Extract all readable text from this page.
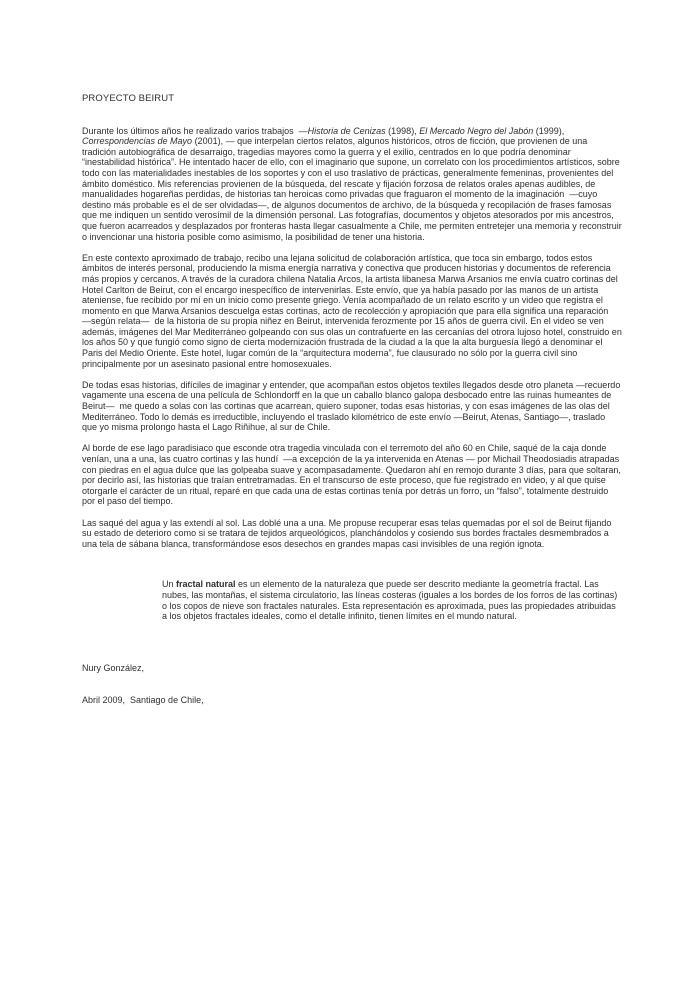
PROYECTO BEIRUT

Durante los últimos años he realizado varios trabajos  —Historia de Cenizas (1998), El Mercado Negro del Jabón (1999), Correspondencias de Mayo (2001), — que interpelan ciertos relatos, algunos históricos, otros de ficción, que provienen de una tradición autobiográfica de desarraigo, tragedias mayores como la guerra y el exilio, centrados en lo que podría denominar “inestabilidad histórica”. He intentado hacer de ello, con el imaginario que supone, un correlato con los procedimientos artísticos, sobre todo con las materialidades inestables de los soportes y con el uso traslativo de prácticas, generalmente femeninas, provenientes del ámbito doméstico. Mis referencias provienen de la búsqueda, del rescate y fijación forzosa de relatos orales apenas audibles, de manualidades hogareñas perdidas, de historias tan heroicas como privadas que fraguaron el momento de la imaginación  —cuyo destino más probable es el de ser olvidadas—, de algunos documentos de archivo, de la búsqueda y recopilación de frases famosas que me indiquen un sentido verosímil de la dimensión personal. Las fotografías, documentos y objetos atesorados por mis ancestros, que fueron acarreados y desplazados por fronteras hasta llegar casualmente a Chile, me permiten entretejer una memoria y reconstruir o invencionar una historia posible como asimismo, la posibilidad de tener una historia.

En este contexto aproximado de trabajo, recibo una lejana solicitud de colaboración artística, que toca sin embargo, todos estos ámbitos de interés personal, produciendo la misma energía narrativa y conectiva que producen historias y documentos de referencia más propios y cercanos. A través de la curadora chilena Natalia Arcos, la artista libanesa Marwa Arsanios me envía cuatro cortinas del Hotel Carlton de Beirut, con el encargo inespecífico de intervenirlas. Este envío, que ya había pasado por las manos de un artista ateniense, fue recibido por mí en un inicio como presente griego. Venía acompañado de un relato escrito y un video que registra el momento en que Marwa Arsanios descuelga estas cortinas, acto de recolección y apropiación que para ella significa una reparación  —según relata—  de la historia de su propia niñez en Beirut, intervenida ferozmente por 15 años de guerra civil. En el video se ven además, imágenes del Mar Mediterráneo golpeando con sus olas un contrafuerte en las cercanías del otrora lujoso hotel, construido en los años 50 y que fungió como signo de cierta modernización frustrada de la ciudad a la que la alta burguesía llegó a denominar el Paris del Medio Oriente. Este hotel, lugar común de la “arquitectura moderna”, fue clausurado no sólo por la guerra civil sino principalmente por un asesinato pasional entre homosexuales.

De todas esas historias, difíciles de imaginar y entender, que acompañan estos objetos textiles llegados desde otro planeta —recuerdo vagamente una escena de una película de Schlondorff en la que un caballo blanco galopa desbocado entre las ruinas humeantes de Beirut—  me quedo a solas con las cortinas que acarrean, quiero suponer, todas esas historias, y con esas imágenes de las olas del Mediterráneo. Todo lo demás es irreductible, incluyendo el traslado kilométrico de este envío —Beirut, Atenas, Santiago—, traslado que yo misma prolongo hasta el Lago Riñihue, al sur de Chile.

Al borde de ese lago paradisiaco que esconde otra tragedia vinculada con el terremoto del año 60 en Chile, saqué de la caja donde venían, una a una, las cuatro cortinas y las hundí  —a excepción de la ya intervenida en Atenas — por Michail Theodosiadis atrapadas con piedras en el agua dulce que las golpeaba suave y acompasadamente. Quedaron ahí en remojo durante 3 días, para que soltaran, por decirlo así, las historias que traían entretramadas. En el transcurso de este proceso, que fue registrado en video, y al que quise otorgarle el carácter de un ritual, reparé en que cada una de estas cortinas tenía por detrás un forro, un “falso”, totalmente destruido por el paso del tiempo.

Las saqué del agua y las extendí al sol. Las doblé una a una. Me propuse recuperar esas telas quemadas por el sol de Beirut fijando su estado de deterioro como si se tratara de tejidos arqueológicos, planchándolos y cosiendo sus bordes fractales desmembrados a una tela de sábana blanca, transformándose esos desechos en grandes mapas casi invisibles de una región ignota.

Un fractal natural es un elemento de la naturaleza que puede ser descrito mediante la geometría fractal. Las nubes, las montañas, el sistema circulatorio, las líneas costeras (iguales a los bordes de los forros de las cortinas) o los copos de nieve son fractales naturales. Esta representación es aproximada, pues las propiedades atribuidas a los objetos fractales ideales, como el detalle infinito, tienen límites en el mundo natural.

Nury González,

Abril 2009,  Santiago de Chile,
